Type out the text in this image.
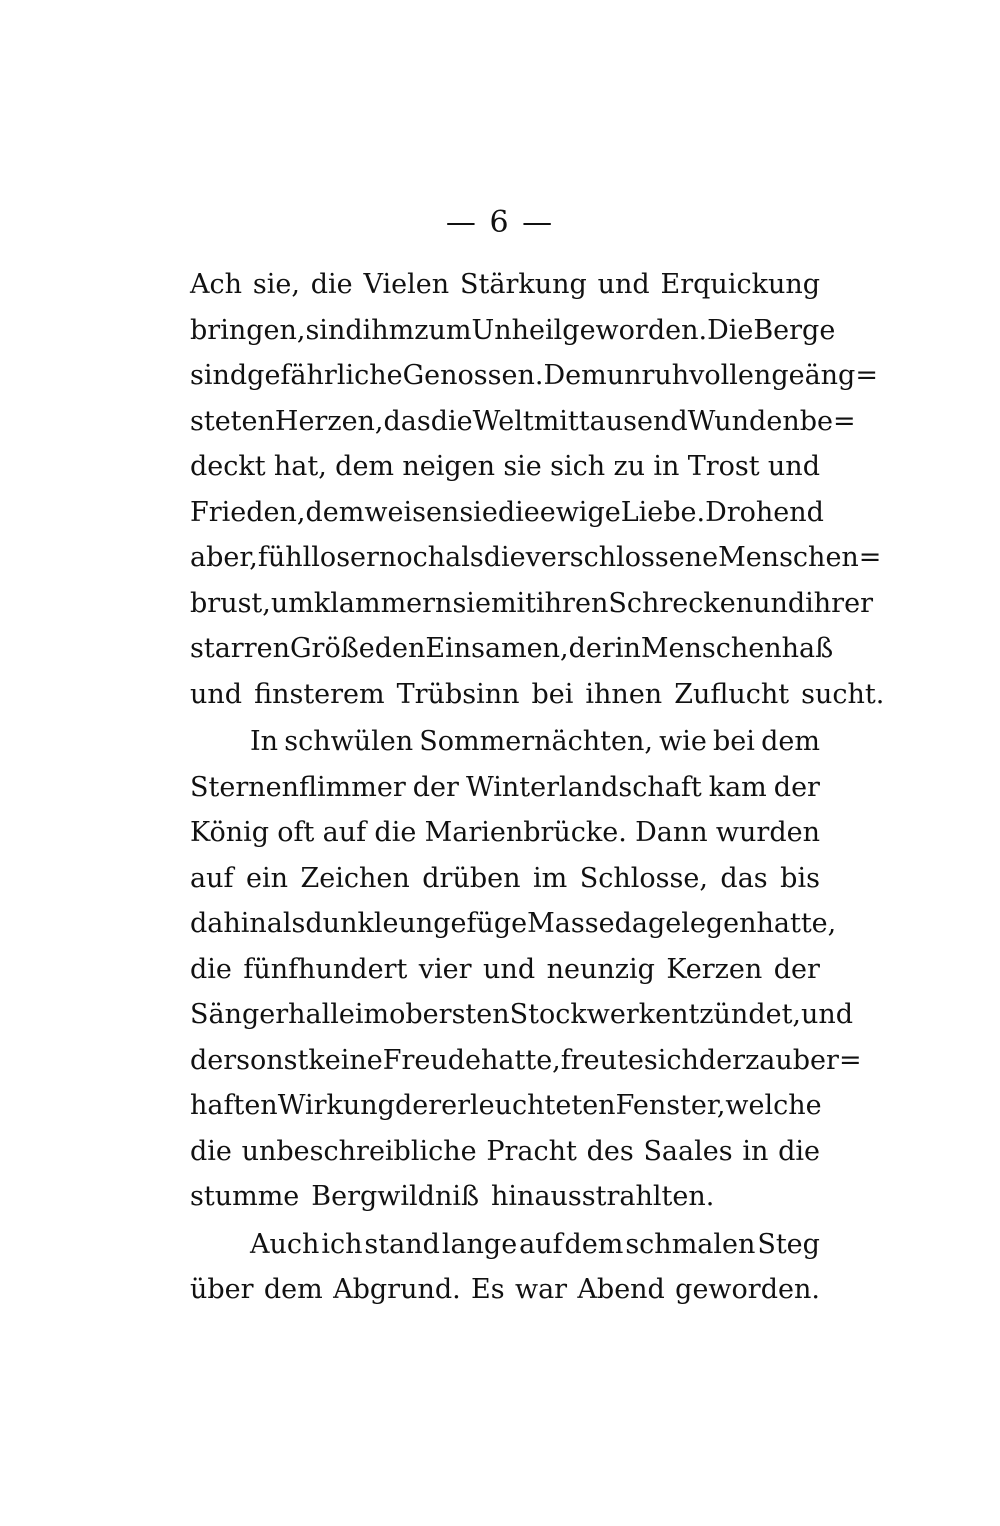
— 6 —
Ach sie, die Vielen Stärkung und Erquickung
bringen, sind ihm zum Unheil geworden. Die Berge
sind gefährliche Genossen. Dem unruhvollen geäng=
steten Herzen, das die Welt mit tausend Wunden be=
deckt hat, dem neigen sie sich zu in Trost und
Frieden, dem weisen sie die ewige Liebe. Drohend
aber, fühlloser noch als die verschlossene Menschen=
brust, umklammern sie mit ihren Schrecken und ihrer
starren Größe den Einsamen, der in Menschenhaß
und finsterem Trübsinn bei ihnen Zuflucht sucht.
In schwülen Sommernächten, wie bei dem
Sternenflimmer der Winterlandschaft kam der
König oft auf die Marienbrücke. Dann wurden
auf ein Zeichen drüben im Schlosse, das bis
dahin als dunkle ungefüge Masse dagelegen hatte,
die fünfhundert vier und neunzig Kerzen der
Sängerhalle im obersten Stockwerk entzündet, und
der sonst keine Freude hatte, freute sich der zauber=
haften Wirkung der erleuchteten Fenster, welche
die unbeschreibliche Pracht des Saales in die
stumme Bergwildniß hinausstrahlten.
Auch ich stand lange auf dem schmalen Steg
über dem Abgrund. Es war Abend geworden.
